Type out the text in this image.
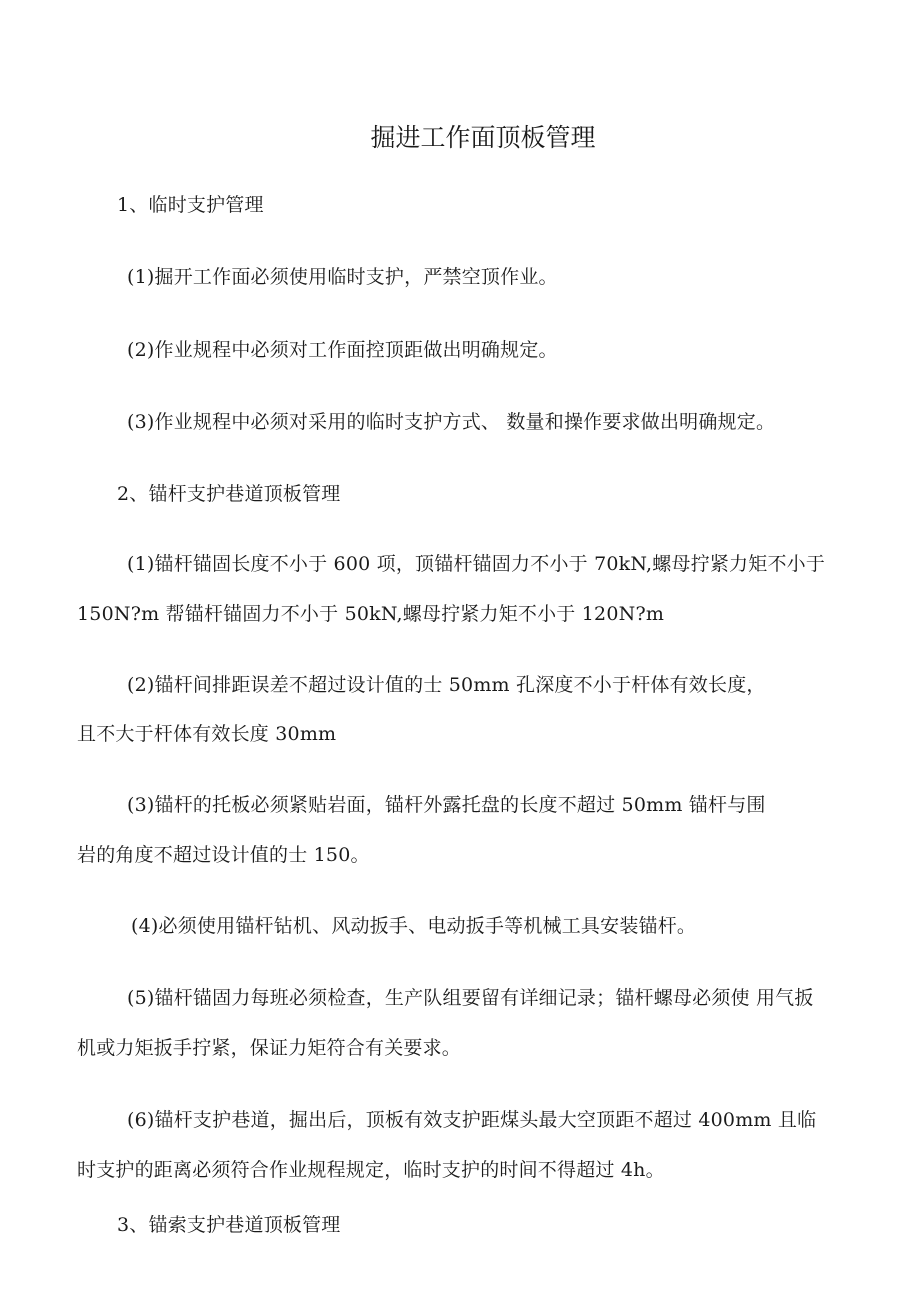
掘进工作面顶板管理
1、临时支护管理
(1)掘开工作面必须使用临时支护，严禁空顶作业。
(2)作业规程中必须对工作面控顶距做出明确规定。
(3)作业规程中必须对采用的临时支护方式、 数量和操作要求做出明确规定。
2、锚杆支护巷道顶板管理
(1)锚杆锚固长度不小于 600 项，顶锚杆锚固力不小于 70kN,螺母拧紧力矩不小于
150N?m 帮锚杆锚固力不小于 50kN,螺母拧紧力矩不小于 120N?m
(2)锚杆间排距误差不超过设计值的士 50mm 孔深度不小于杆体有效长度，
且不大于杆体有效长度 30mm
(3)锚杆的托板必须紧贴岩面，锚杆外露托盘的长度不超过 50mm 锚杆与围
岩的角度不超过设计值的士 150。
(4)必须使用锚杆钻机、风动扳手、电动扳手等机械工具安装锚杆。
(5)锚杆锚固力每班必须检查，生产队组要留有详细记录；锚杆螺母必须使 用气扳
机或力矩扳手拧紧，保证力矩符合有关要求。
(6)锚杆支护巷道，掘出后，顶板有效支护距煤头最大空顶距不超过 400mm 且临
时支护的距离必须符合作业规程规定，临时支护的时间不得超过 4h。
3、锚索支护巷道顶板管理
